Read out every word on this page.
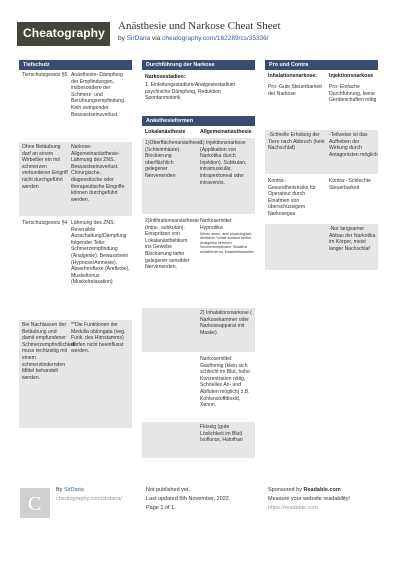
Cheatography Anästhesie und Narkose Cheat Sheet
by SirDaria via cheatography.com/162289/cs/35336/
Tiefschutz
Tierschutzgesetz §5 Anästhesie- Dämpfung der Empfindungen, insbesondere der Schmerz- und Berührungsempfindung. Kein zwingender Bewusstseinsverlust.
Ohne Betäubung darf an einem Wirbeltier ein mit schmerzen verbundener Eingriff nicht durchgeführt werden
Narkose- Allgemeinanästhesie- Lähmung des ZNS, Bewusstseinsverlust. Chirurgische, diagnostische oder therapeutische Eingriffe können durchgeführt werden.
Tierschutzgesetz §4 Lähmung des ZNS: Reversible Ausschaltung/Dämpfung folgender Teile: Schmerzempfindung (Analgesie), Bewusstsein (Hypnose/Amnesie), Abwehrreflexe (Areflexie), Muskeltonus (Muskelrelaxation)
Bei Nachlassen der Betäubung und damit empfundener Schmerzempfindlichkeit muss rechtzeitig mit einem schmerzlindernden Mittel behandelt werden.
**Die Funktionen der Medulla oblongata (veg. Funk. des Hirnstamms) dürfen nicht beeinflusst werden.
Durchführung der Narkose
Narkosestadien:
1. Einleitungsstadium/Analgesiestadium psychische Dämpfung, Reduktion Spontanmotorik
Anästhesieformen
Lokalanästhesie	Allgemeinanästhesie
1)Oberflächenanästhesie (Schleimhäute). Blockierung oberflächlich gelegener Nervenenden
1) Injektionsnarkose (Applikation von Narkotika durch Injektion). Subkutan, intramuskulär, intraperitoneal oder intravenös.
2)Infiltrationsanästhesie (intra-, subkutan). Einspritzen von Lokalanästhetikum ins Gewebe Blockierung tiefer gelegener sensibler Nervenenden.
Narkosemittel: Hypnotika
führen einen, dem physiologisch ähnlichen Schlaf zustand herbei. Analgetika hemmen Schmerzempfinden. Sedativa schlaffördernd, Muskelrelaxantien
2) Inhalationsnarkose ( Narkosekammer oder Narkoseapparat mit Maske)
Narkosemittel: Gasförmig (klein sich schlecht im Blut, hohe Konzentration nötig, Schnelles An- und Abfluten möglich) z.B. Kohlenstoffdioxid, Xenon.
Flüssig (gute Löslichkeit im Blut) Isofluran, Halothan
Pro und Contra
Inhalationsnarkose:	Injektionsnarkose
Pro:-Gute Steuerbarkeit der Narkose
Pro:-Einfache Durchführung, keine Geräteschaften nötig
-Schnelle Erholung der Tiere nach Abbruch (kein Nachschlaf)
-Teilweise ist das Aufheben der Wirkung durch Antagonisten möglich
Kontra:-Gesundheitsrisiko für Operateur durch Einatmen von überschüssigem Narkosegas
Kontra:- Schlechte Steuerbarkeit
-Nur langsamer Abbau der Narkotika im Körper, meist langer Nachschlaf
C
By SirDaria
cheatography.com/sirdaria/
Not published yet.
Last updated 6th November, 2022.
Page 1 of 1.
Sponsored by Readable.com
Measure your website readability!
https://readable.com
